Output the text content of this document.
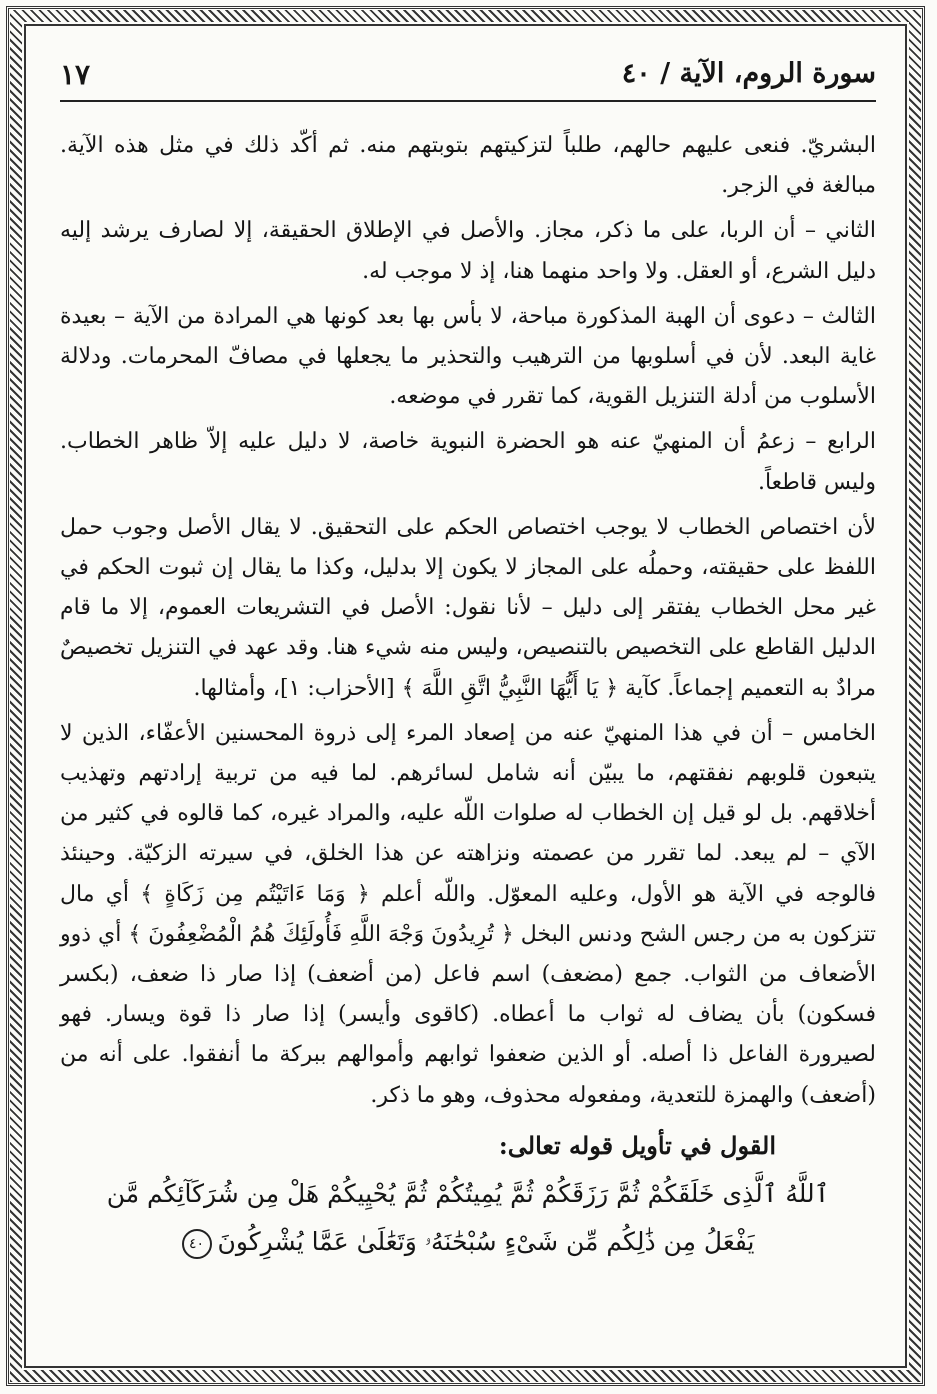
سورة الروم، الآية / ٤٠
١٧

البشريّ. فنعى عليهم حالهم، طلباً لتزكيتهم بتوبتهم منه. ثم أكّد ذلك في مثل هذه الآية. مبالغة في الزجر.

الثاني – أن الربا، على ما ذكر، مجاز. والأصل في الإطلاق الحقيقة، إلا لصارف يرشد إليه دليل الشرع، أو العقل. ولا واحد منهما هنا، إذ لا موجب له.

الثالث – دعوى أن الهبة المذكورة مباحة، لا بأس بها بعد كونها هي المرادة من الآية – بعيدة غاية البعد. لأن في أسلوبها من الترهيب والتحذير ما يجعلها في مصافّ المحرمات. ودلالة الأسلوب من أدلة التنزيل القوية، كما تقرر في موضعه.

الرابع – زعمُ أن المنهيّ عنه هو الحضرة النبوية خاصة، لا دليل عليه إلاّ ظاهر الخطاب. وليس قاطعاً.

لأن اختصاص الخطاب لا يوجب اختصاص الحكم على التحقيق. لا يقال الأصل وجوب حمل اللفظ على حقيقته، وحملُه على المجاز لا يكون إلا بدليل، وكذا ما يقال إن ثبوت الحكم في غير محل الخطاب يفتقر إلى دليل – لأنا نقول: الأصل في التشريعات العموم، إلا ما قام الدليل القاطع على التخصيص بالتنصيص، وليس منه شيء هنا. وقد عهد في التنزيل تخصيصٌ مرادٌ به التعميم إجماعاً. كآية ﴿ يَا أَيُّهَا النَّبِيُّ اتَّقِ اللَّهَ ﴾ [الأحزاب: ١]، وأمثالها.

الخامس – أن في هذا المنهيّ عنه من إصعاد المرء إلى ذروة المحسنين الأعفّاء، الذين لا يتبعون قلوبهم نفقتهم، ما يبيّن أنه شامل لسائرهم. لما فيه من تربية إرادتهم وتهذيب أخلاقهم. بل لو قيل إن الخطاب له صلوات اللّه عليه، والمراد غيره، كما قالوه في كثير من الآي – لم يبعد. لما تقرر من عصمته ونزاهته عن هذا الخلق، في سيرته الزكيّة. وحينئذ فالوجه في الآية هو الأول، وعليه المعوّل. واللّه أعلم ﴿ وَمَا ءَاتَيْتُم مِن زَكَاةٍ ﴾ أي مال تتزكون به من رجس الشح ودنس البخل ﴿ تُرِيدُونَ وَجْهَ اللَّهِ فَأُولَئِكَ هُمُ الْمُضْعِفُونَ ﴾ أي ذوو الأضعاف من الثواب. جمع (مضعف) اسم فاعل (من أضعف) إذا صار ذا ضعف، (بكسر فسكون) بأن يضاف له ثواب ما أعطاه. (كاقوى وأيسر) إذا صار ذا قوة ويسار. فهو لصيرورة الفاعل ذا أصله. أو الذين ضعفوا ثوابهم وأموالهم ببركة ما أنفقوا. على أنه من (أضعف) والهمزة للتعدية، ومفعوله محذوف، وهو ما ذكر.

القول في تأويل قوله تعالى:
ٱللَّهُ ٱلَّذِى خَلَقَكُمْ ثُمَّ رَزَقَكُمْ ثُمَّ يُمِيتُكُمْ ثُمَّ يُحْيِيكُمْ هَلْ مِن شُرَكَآئِكُم مَّن
يَفْعَلُ مِن ذَٰلِكُم مِّن شَىْءٍ سُبْحَٰنَهُۥ وَتَعَٰلَىٰ عَمَّا يُشْرِكُونَ٤٠
